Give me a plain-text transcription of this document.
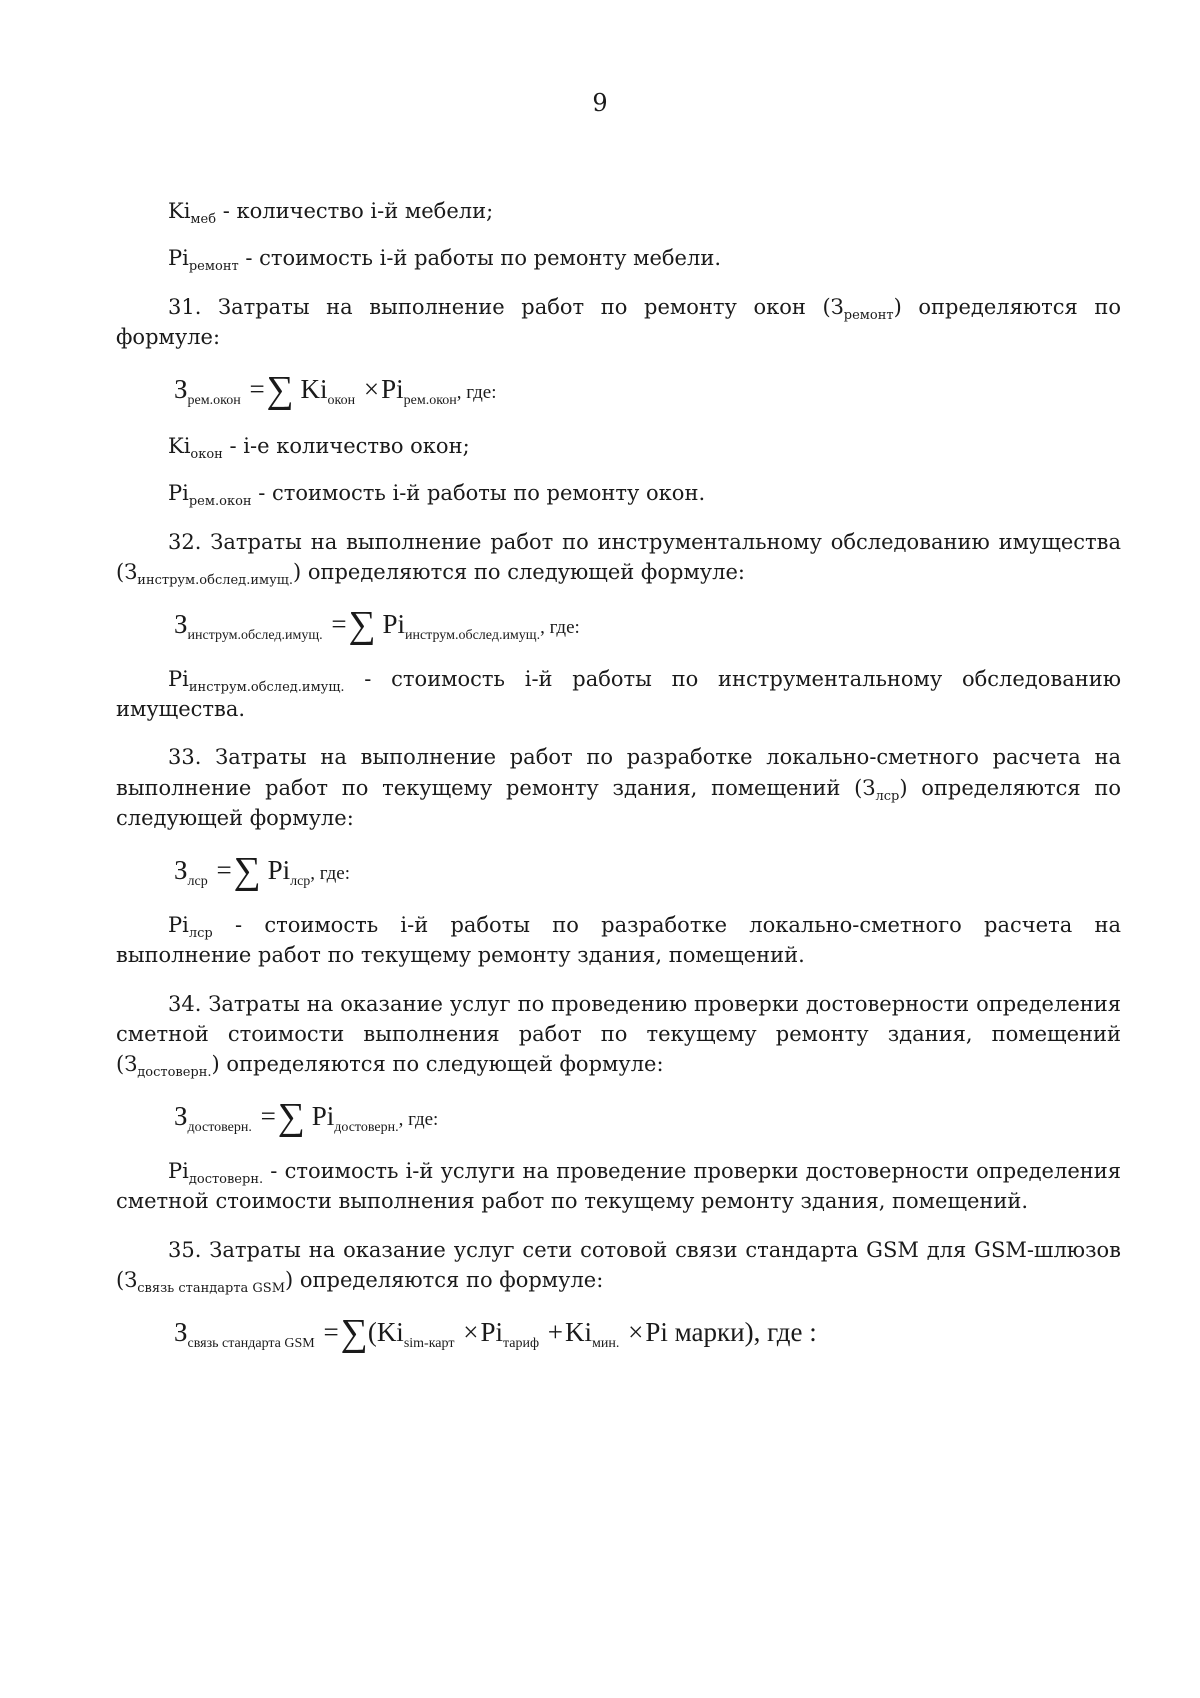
9

$Ki_{меб}$ - количество i-й мебели;

$Pi_{ремонт}$ - стоимость i-й работы по ремонту мебели.

31. Затраты на выполнение работ по ремонту окон $(З_{ремонт})$ определяются по формуле:

$З_{рем.окон}$ =∑ $Ki_{окон} \times Pi_{рем.окон}$, где:

$Ki_{окон} - i-е$ количество окон;

$Pi_{рем.окон}$ - стоимость i-й работы по ремонту окон.

32. Затраты на выполнение работ по инструментальному обследованию имущества $(З_{инструм.обслед.имущ.})$ определяются по следующей формуле:

$З_{инструм.обслед.имущ.}$ =∑ $Pi_{инструм.обслед.имущ.}$, где:

$Pi_{инструм.обслед.имущ.}$ - стоимость i-й работы по инструментальному обследованию имущества.

33. Затраты на выполнение работ по разработке локально-сметного расчета на выполнение работ по текущему ремонту здания, помещений $(З_{лср})$ определяются по следующей формуле:

$З_{лср}$ =∑ $Pi_{лср}$, где:

$Pi_{лср}$ - стоимость i-й работы по разработке локально-сметного расчета на выполнение работ по текущему ремонту здания, помещений.

34. Затраты на оказание услуг по проведению проверки достоверности определения сметной стоимости выполнения работ по текущему ремонту здания, помещений $(З_{достоверн.})$ определяются по следующей формуле:

$З_{достоверн.}$ =∑ $Pi_{достоверн.}$, где:

$Pi_{достоверн.}$ - стоимость i-й услуги на проведение проверки достоверности определения сметной стоимости выполнения работ по текущему ремонту здания, помещений.

35. Затраты на оказание услуг сети сотовой связи стандарта GSM для GSM-шлюзов $(З_{связь стандарта GSM})$ определяются по формуле:

$З_{связь стандарта GSM} =\sum(Ki_{sim-карт} \times Pi_{тариф} +Ki_{мин.} \times Pi$ марки), где :
